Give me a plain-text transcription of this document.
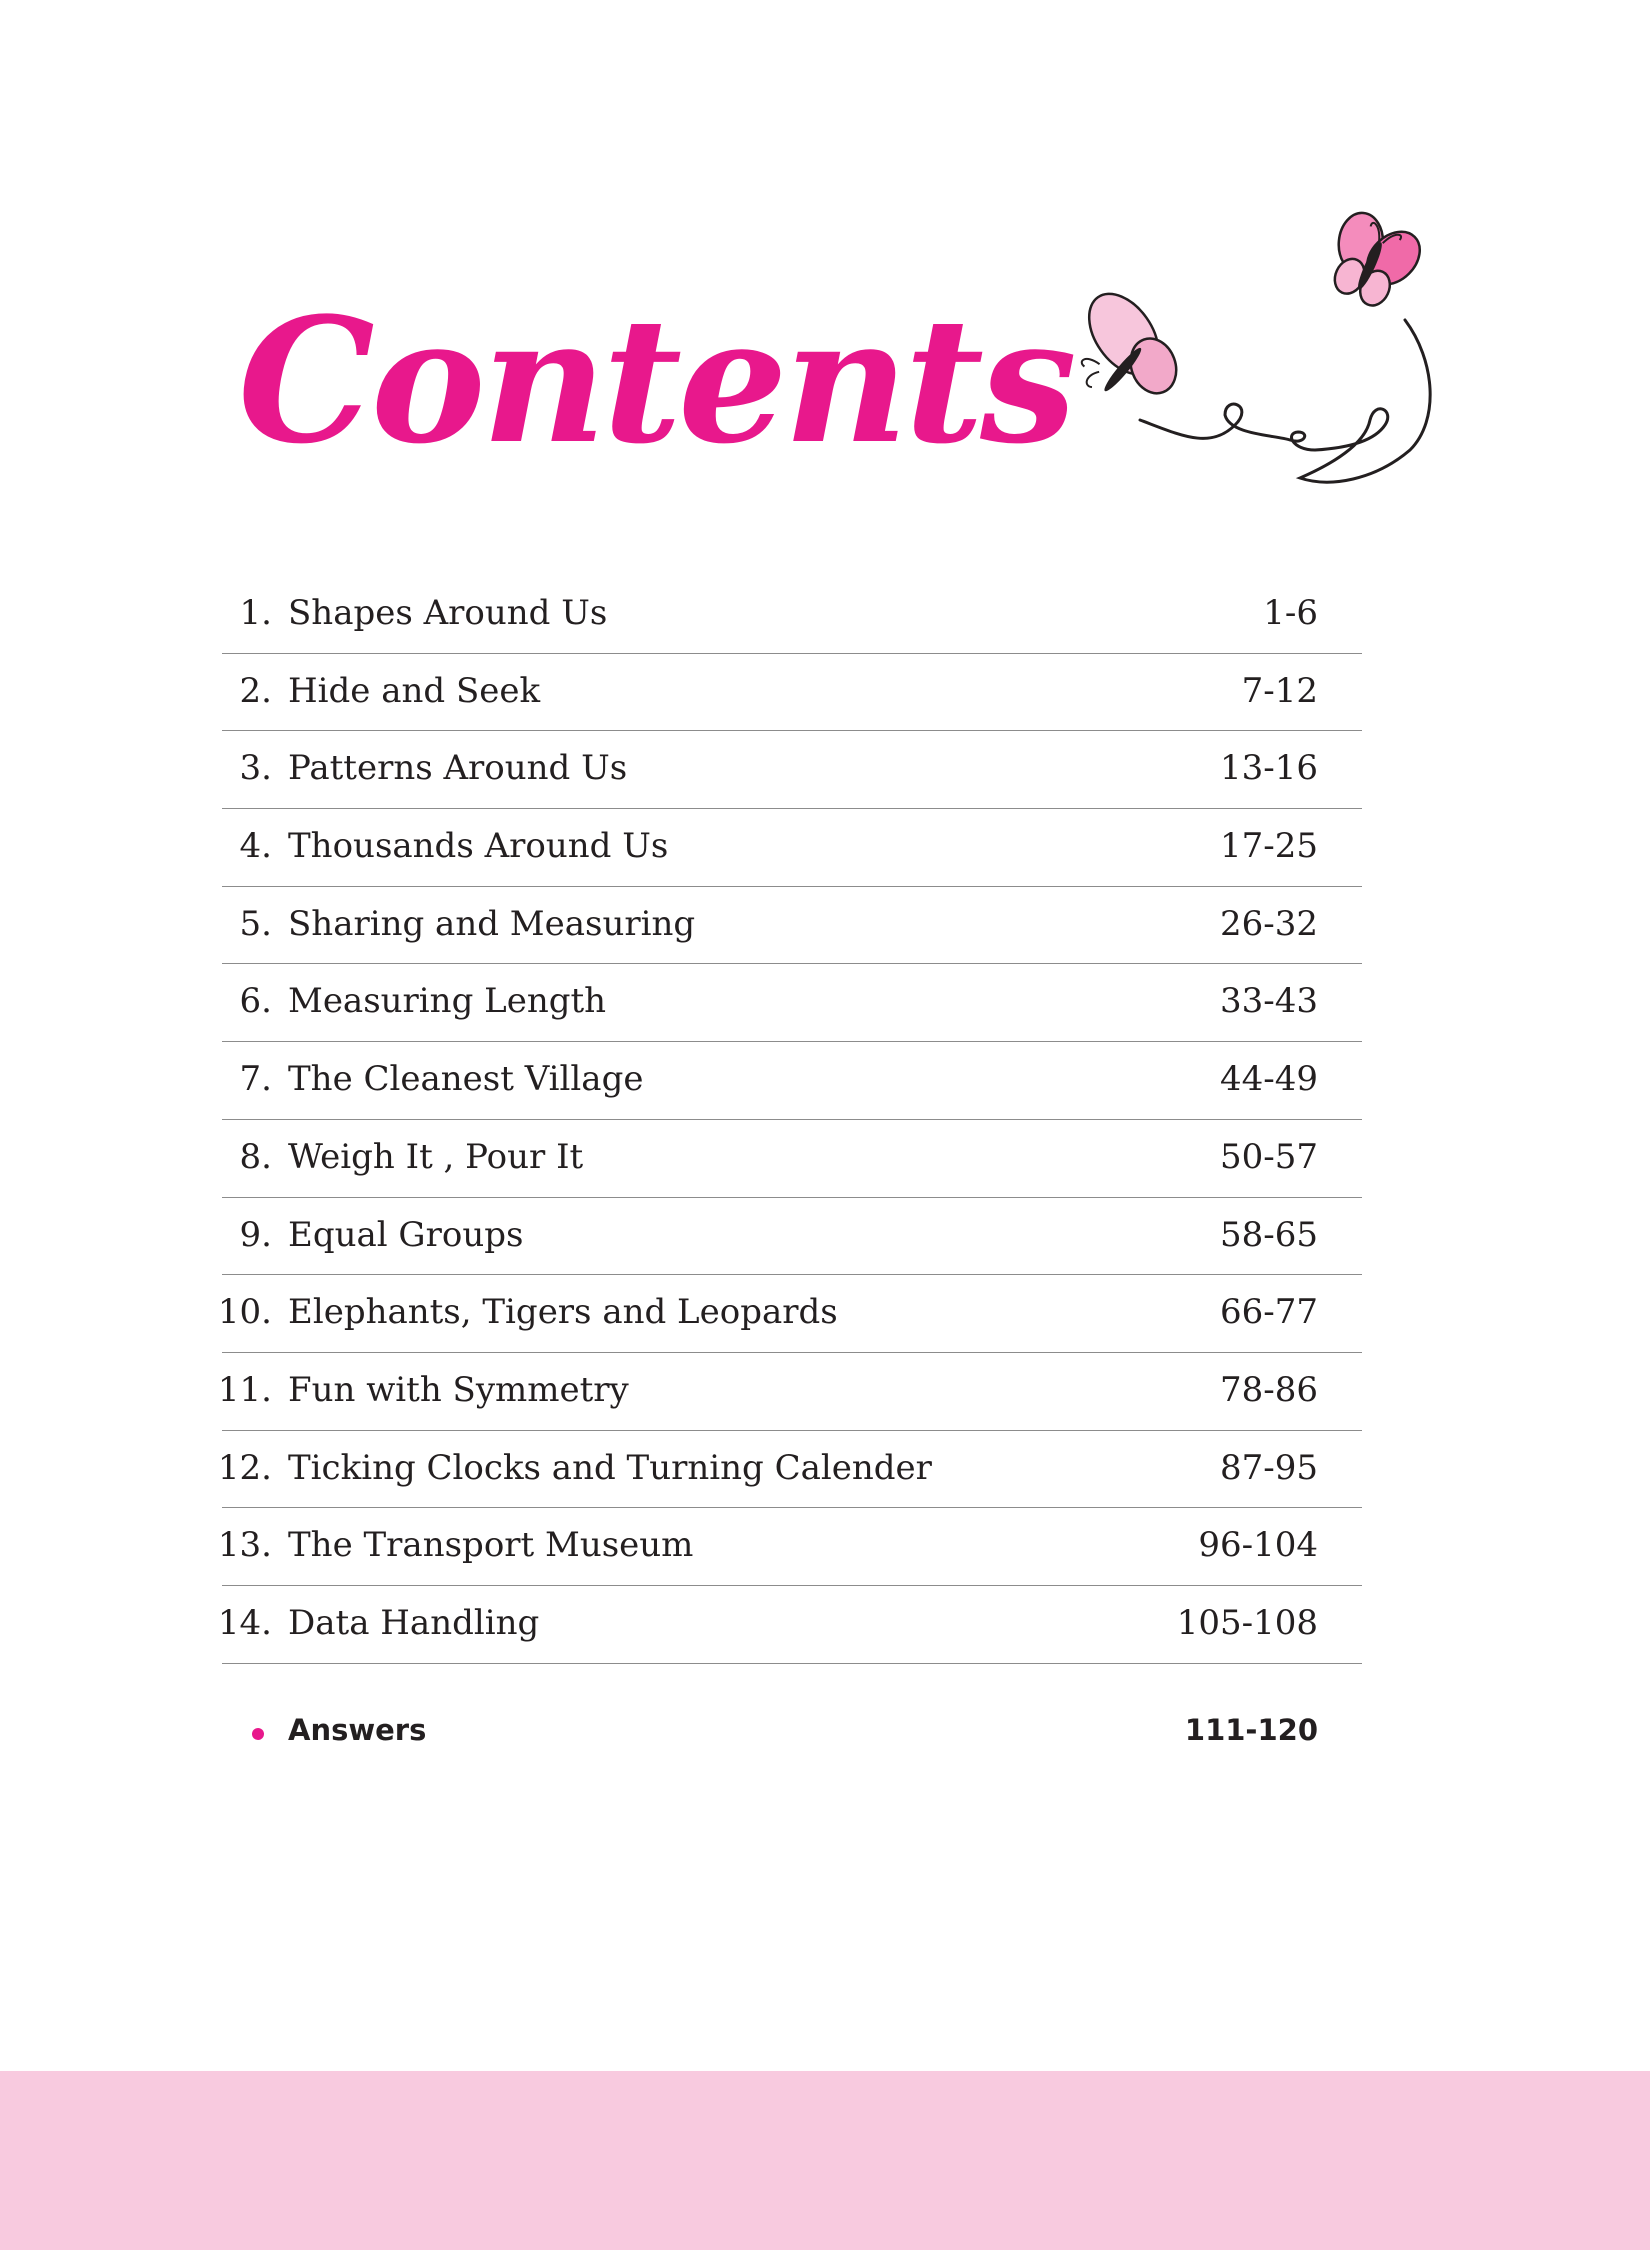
Contents
1. Shapes Around Us	1-6
2. Hide and Seek	7-12
3. Patterns Around Us	13-16
4. Thousands Around Us	17-25
5. Sharing and Measuring	26-32
6. Measuring Length	33-43
7. The Cleanest Village	44-49
8. Weigh It , Pour It	50-57
9. Equal Groups	58-65
10. Elephants, Tigers and Leopards	66-77
11. Fun with Symmetry	78-86
12. Ticking Clocks and Turning Calender	87-95
13. The Transport Museum	96-104
14. Data Handling	105-108
Answers	111-120
